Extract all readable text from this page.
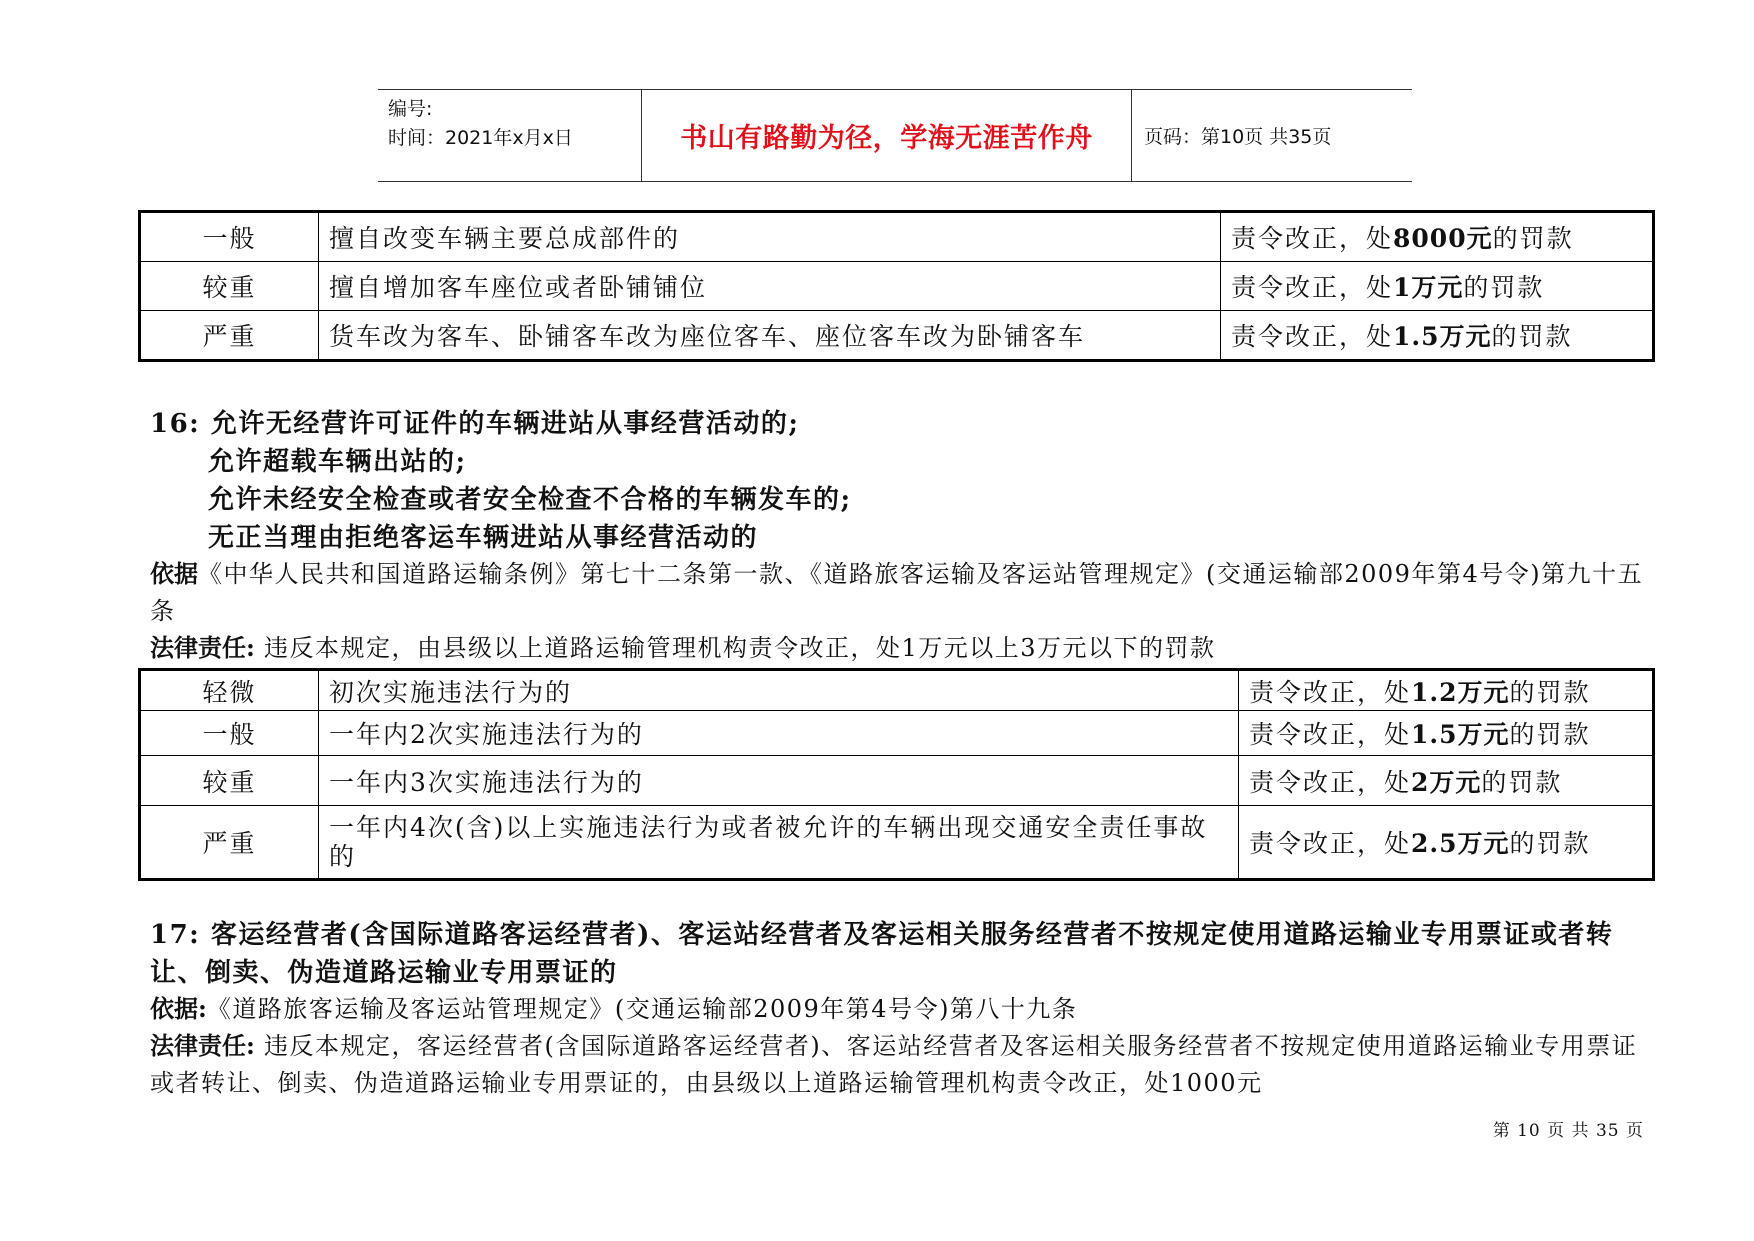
编号:
时间：2021年x月x日	书山有路勤为径，学海无涯苦作舟	页码：第10页 共35页
一般	擅自改变车辆主要总成部件的	责令改正，处8000元的罚款
较重	擅自增加客车座位或者卧铺铺位	责令改正，处1万元的罚款
严重	货车改为客车、卧铺客车改为座位客车、座位客车改为卧铺客车	责令改正，处1.5万元的罚款
16: 允许无经营许可证件的车辆进站从事经营活动的;
允许超载车辆出站的;
允许未经安全检查或者安全检查不合格的车辆发车的;
无正当理由拒绝客运车辆进站从事经营活动的
依据《中华人民共和国道路运输条例》第七十二条第一款、《道路旅客运输及客运站管理规定》(交通运输部2009年第4号令)第九十五条
法律责任: 违反本规定，由县级以上道路运输管理机构责令改正，处1万元以上3万元以下的罚款
轻微	初次实施违法行为的	责令改正，处1.2万元的罚款
一般	一年内2次实施违法行为的	责令改正，处1.5万元的罚款
较重	一年内3次实施违法行为的	责令改正，处2万元的罚款
严重	一年内4次(含)以上实施违法行为或者被允许的车辆出现交通安全责任事故的	责令改正，处2.5万元的罚款
17: 客运经营者(含国际道路客运经营者)、客运站经营者及客运相关服务经营者不按规定使用道路运输业专用票证或者转让、倒卖、伪造道路运输业专用票证的
依据:《道路旅客运输及客运站管理规定》(交通运输部2009年第4号令)第八十九条
法律责任: 违反本规定，客运经营者(含国际道路客运经营者)、客运站经营者及客运相关服务经营者不按规定使用道路运输业专用票证或者转让、倒卖、伪造道路运输业专用票证的，由县级以上道路运输管理机构责令改正，处1000元
第 10 页 共 35 页
